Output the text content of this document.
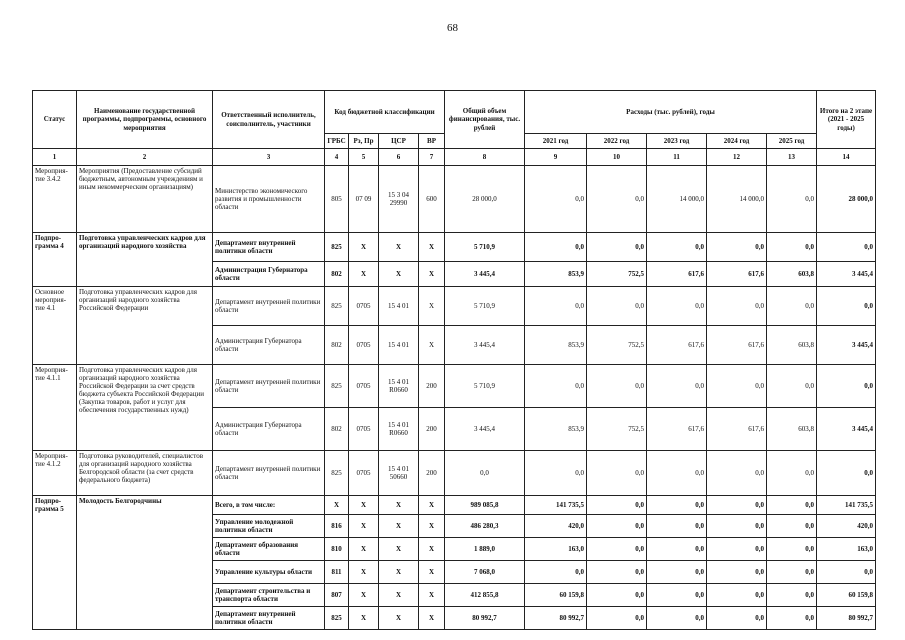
68
Статус	Наименование государственной программы, подпрограммы, основного мероприятия	Ответственный исполнитель, соисполнитель, участники	Код бюджетной классификации				Общий объем финансирования, тыс. рублей	Расходы (тыс. рублей), годы					Итого на 2 этапе (2021 - 2025 годы)
			ГРБС	Рз, Пр	ЦСР	ВР		2021 год	2022 год	2023 год	2024 год	2025 год	
1	2	3	4	5	6	7	8	9	10	11	12	13	14
Мероприя-тие 3.4.2	Мероприятия (Предоставление субсидий бюджетным, автономным учреждениям и иным некоммерческим организациям)	Министерство экономического развития и промышленности области	805	07 09	15 3 04 29990	600	28 000,0	0,0	0,0	14 000,0	14 000,0	0,0	28 000,0
Подпро-грамма 4	Подготовка управленческих кадров для организаций народного хозяйства	Департамент внутренней политики области	825	X	X	X	5 710,9	0,0	0,0	0,0	0,0	0,0	0,0
		Администрация Губернатора области	802	X	X	X	3 445,4	853,9	752,5	617,6	617,6	603,8	3 445,4
Основное мероприя-тие 4.1	Подготовка управленческих кадров для организаций народного хозяйства Российской Федерации	Департамент внутренней политики области	825	0705	15 4 01	X	5 710,9	0,0	0,0	0,0	0,0	0,0	0,0
		Администрация Губернатора области	802	0705	15 4 01	X	3 445,4	853,9	752,5	617,6	617,6	603,8	3 445,4
Мероприя-тие 4.1.1	Подготовка управленческих кадров для организаций народного хозяйства Российской Федерации за счет средств бюджета субъекта Российской Федерации (Закупка товаров, работ и услуг для обеспечения государственных нужд)	Департамент внутренней политики области	825	0705	15 4 01 R0660	200	5 710,9	0,0	0,0	0,0	0,0	0,0	0,0
		Администрация Губернатора области	802	0705	15 4 01 R0660	200	3 445,4	853,9	752,5	617,6	617,6	603,8	3 445,4
Мероприя-тие 4.1.2	Подготовка руководителей, специалистов для организаций народного хозяйства Белгородской области (за счет средств федерального бюджета)	Департамент внутренней политики области	825	0705	15 4 01 50660	200	0,0	0,0	0,0	0,0	0,0	0,0	0,0
Подпро-грамма 5	Молодость Белгородчины	Всего, в том числе:	X	X	X	X	989 085,8	141 735,5	0,0	0,0	0,0	0,0	141 735,5
		Управление молодежной политики области	816	X	X	X	486 280,3	420,0	0,0	0,0	0,0	0,0	420,0
		Департамент образования области	810	X	X	X	1 889,0	163,0	0,0	0,0	0,0	0,0	163,0
		Управление культуры области	811	X	X	X	7 068,0	0,0	0,0	0,0	0,0	0,0	0,0
		Департамент строительства и транспорта области	807	X	X	X	412 855,8	60 159,8	0,0	0,0	0,0	0,0	60 159,8
		Департамент внутренней политики области	825	X	X	X	80 992,7	80 992,7	0,0	0,0	0,0	0,0	80 992,7
